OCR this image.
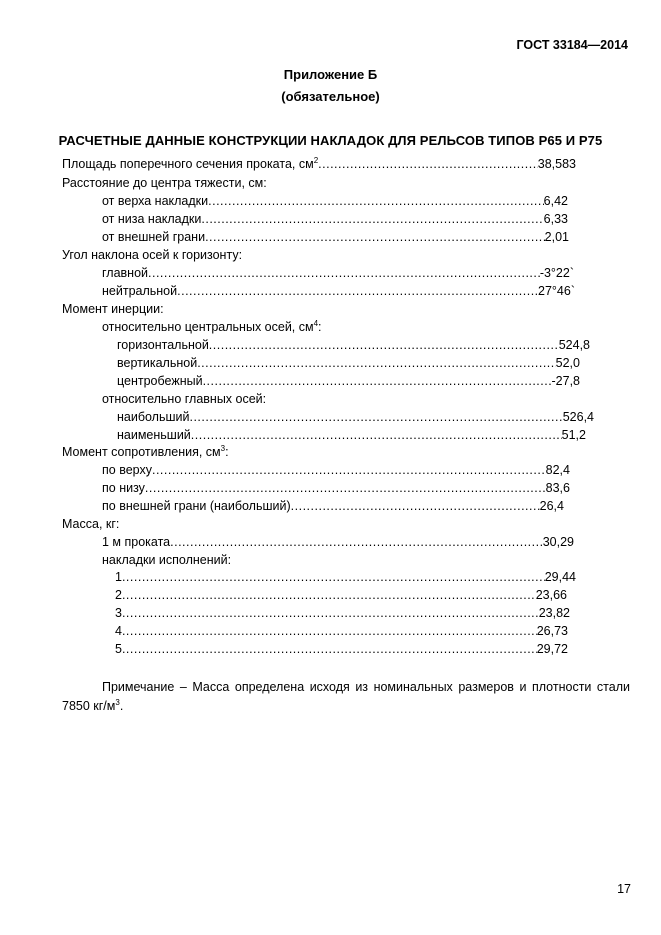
ГОСТ 33184—2014
Приложение Б
(обязательное)
РАСЧЕТНЫЕ ДАННЫЕ КОНСТРУКЦИИ НАКЛАДОК ДЛЯ РЕЛЬСОВ ТИПОВ Р65 И Р75
Площадь поперечного сечения проката, $см^2$ .....	38,583
Расстояние до центра тяжести, см:
от верха накладки .....	6,42
от низа накладки .....	6,33
от внешней грани .....	2,01
Угол наклона осей к горизонту:
главной .....	-3°22`
нейтральной .....	27°46`
Момент инерции:
относительно центральных осей, $см^4$:
горизонтальной .....	524,8
вертикальной .....	52,0
центробежный .....	-27,8
относительно главных осей:
наибольший .....	526,4
наименьший .....	51,2
Момент сопротивления, $см^3$:
по верху .....	82,4
по низу .....	83,6
по внешней грани (наибольший) .....	26,4
Масса, кг:
1 м проката .....	30,29
накладки исполнений:
1 .....	29,44
2 .....	23,66
3 .....	23,82
4 .....	26,73
5 .....	29,72
Примечание – Масса определена исходя из номинальных размеров и плотности стали 7850 $кг/м^3$.
17
